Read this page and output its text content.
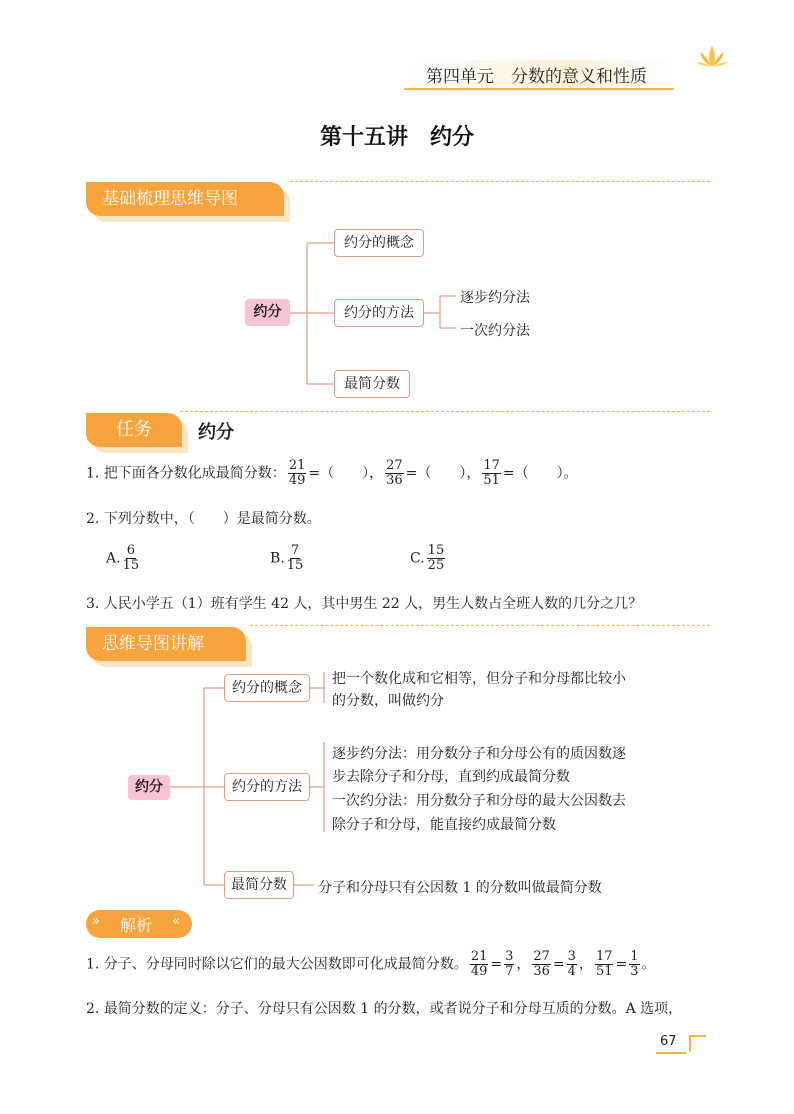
第四单元　 分数的意义和性质
第十五讲　约分
基础梳理思维导图
约分
约分的概念
约分的方法
最简分数
逐步约分法
一次约分法
任务	约分
1. 把下面各分数化成最简分数： $\frac{21}{49}$ =（　　）， $\frac{27}{36}$ =（　　）， $\frac{17}{51}$ =（　　）。
2. 下列分数中，（　　）是最简分数。
A. $\frac{6}{15}$	B. $\frac{7}{15}$	C. $\frac{15}{25}$
3. 人民小学五（1）班有学生 42 人，其中男生 22 人，男生人数占全班人数的几分之几？
思维导图讲解
约分
约分的概念
约分的方法
最简分数
把一个数化成和它相等，但分子和分母都比较小
的分数，叫做约分
逐步约分法：用分数分子和分母公有的质因数逐
步去除分子和分母，直到约成最简分数
一次约分法：用分数分子和分母的最大公因数去
除分子和分母，能直接约成最简分数
分子和分母只有公因数 1 的分数叫做最简分数
» 解析 «
1. 分子、分母同时除以它们的最大公因数即可化成最简分数。 $\frac{21}{49} = \frac{3}{7}$ ， $\frac{27}{36} = \frac{3}{4}$ ， $\frac{17}{51} = \frac{1}{3}$ 。
2. 最简分数的定义：分子、分母只有公因数 1 的分数，或者说分子和分母互质的分数。A 选项，
67
